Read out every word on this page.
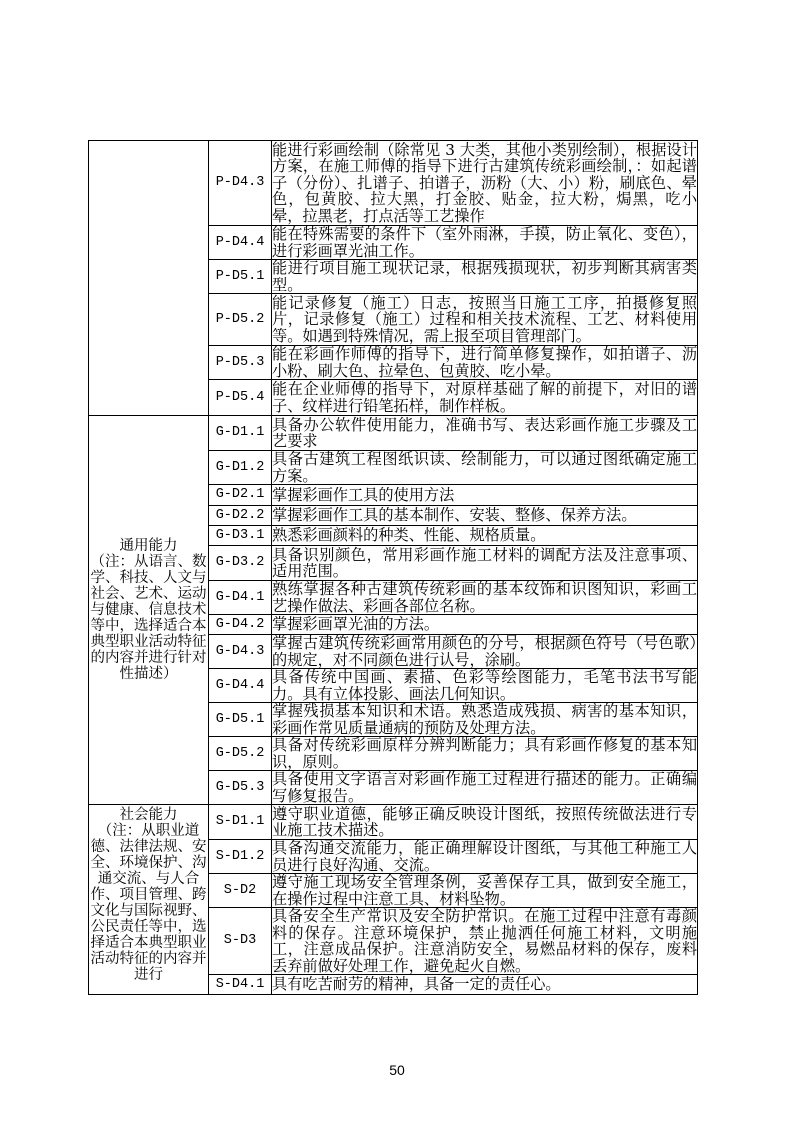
	P-D4.3	能进行彩画绘制（除常见 3 大类，其他小类别绘制），根据设计方案，在施工师傅的指导下进行古建筑传统彩画绘制，：如起谱子（分份）、扎谱子、拍谱子，沥粉（大、小）粉，刷底色、晕色，包黄胶、拉大黑，打金胶、贴金，拉大粉，焗黑，吃小晕，拉黑老，打点活等工艺操作
	P-D4.4	能在特殊需要的条件下（室外雨淋，手摸，防止氧化、变色），进行彩画罩光油工作。
	P-D5.1	能进行项目施工现状记录，根据残损现状，初步判断其病害类型。
	P-D5.2	能记录修复（施工）日志，按照当日施工工序，拍摄修复照片，记录修复（施工）过程和相关技术流程、工艺、材料使用等。如遇到特殊情况，需上报至项目管理部门。
	P-D5.3	能在彩画作师傅的指导下，进行简单修复操作，如拍谱子、沥小粉、刷大色、拉晕色、包黄胶、吃小晕。
	P-D5.4	能在企业师傅的指导下，对原样基础了解的前提下，对旧的谱子、纹样进行铅笔拓样，制作样板。

通用能力
（注：从语言、数学、科技、人文与社会、艺术、运动与健康、信息技术等中，选择适合本典型职业活动特征的内容并进行针对性描述）	G-D1.1	具备办公软件使用能力，准确书写、表达彩画作施工步骤及工艺要求
	G-D1.2	具备古建筑工程图纸识读、绘制能力，可以通过图纸确定施工方案。
	G-D2.1	掌握彩画作工具的使用方法
	G-D2.2	掌握彩画作工具的基本制作、安装、整修、保养方法。
	G-D3.1	熟悉彩画颜料的种类、性能、规格质量。
	G-D3.2	具备识别颜色，常用彩画作施工材料的调配方法及注意事项、适用范围。
	G-D4.1	熟练掌握各种古建筑传统彩画的基本纹饰和识图知识，彩画工艺操作做法、彩画各部位名称。
	G-D4.2	掌握彩画罩光油的方法。
	G-D4.3	掌握古建筑传统彩画常用颜色的分号，根据颜色符号（号色歌）的规定，对不同颜色进行认号，涂刷。
	G-D4.4	具备传统中国画、素描、色彩等绘图能力，毛笔书法书写能力。具有立体投影、画法几何知识。
	G-D5.1	掌握残损基本知识和术语。熟悉造成残损、病害的基本知识，彩画作常见质量通病的预防及处理方法。
	G-D5.2	具备对传统彩画原样分辨判断能力；具有彩画作修复的基本知识，原则。
	G-D5.3	具备使用文字语言对彩画作施工过程进行描述的能力。正确编写修复报告。

社会能力
（注：从职业道德、法律法规、安全、环境保护、沟通交流、与人合作、项目管理、跨文化与国际视野、公民责任等中，选择适合本典型职业活动特征的内容并进行	S-D1.1	遵守职业道德，能够正确反映设计图纸，按照传统做法进行专业施工技术描述。
	S-D1.2	具备沟通交流能力，能正确理解设计图纸，与其他工种施工人员进行良好沟通、交流。
	S-D2	遵守施工现场安全管理条例，妥善保存工具，做到安全施工，在操作过程中注意工具、材料坠物。
	S-D3	具备安全生产常识及安全防护常识。在施工过程中注意有毒颜料的保存。注意环境保护，禁止抛洒任何施工材料，文明施工，注意成品保护。注意消防安全，易燃品材料的保存，废料丢弃前做好处理工作，避免起火自燃。
	S-D4.1	具有吃苦耐劳的精神，具备一定的责任心。
50
